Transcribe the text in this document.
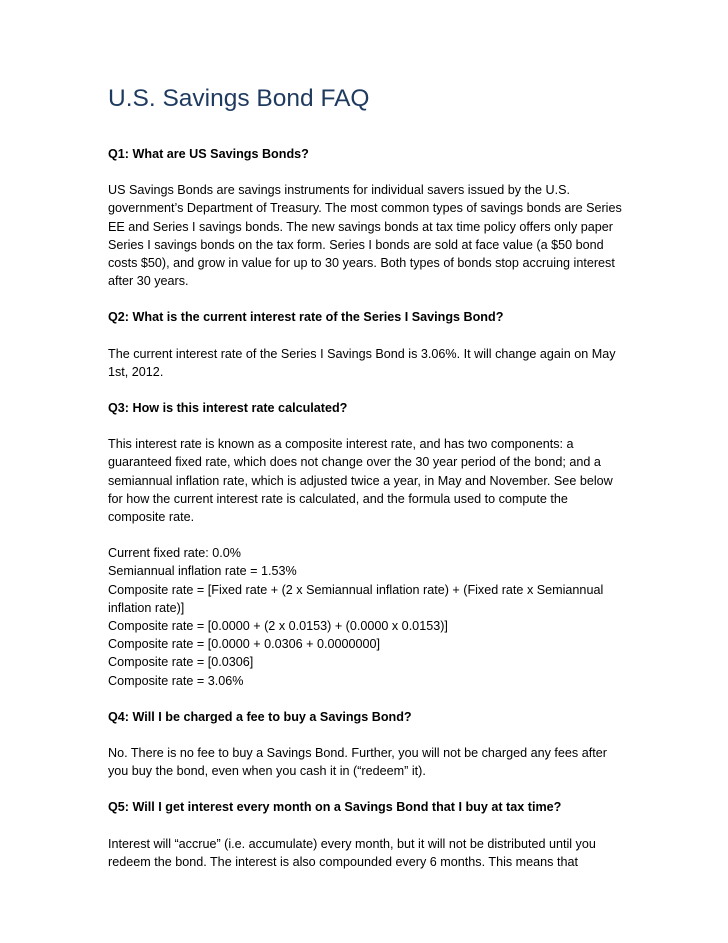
U.S. Savings Bond FAQ
Q1: What are US Savings Bonds?
US Savings Bonds are savings instruments for individual savers issued by the U.S. government’s Department of Treasury. The most common types of savings bonds are Series EE and Series I savings bonds. The new savings bonds at tax time policy offers only paper Series I savings bonds on the tax form. Series I bonds are sold at face value (a $50 bond costs $50), and grow in value for up to 30 years. Both types of bonds stop accruing interest after 30 years.
Q2: What is the current interest rate of the Series I Savings Bond?
The current interest rate of the Series I Savings Bond is 3.06%. It will change again on May 1st, 2012.
Q3: How is this interest rate calculated?
This interest rate is known as a composite interest rate, and has two components: a guaranteed fixed rate, which does not change over the 30 year period of the bond; and a semiannual inflation rate, which is adjusted twice a year, in May and November. See below for how the current interest rate is calculated, and the formula used to compute the composite rate.
Current fixed rate: 0.0%
Semiannual inflation rate = 1.53%
Composite rate = [Fixed rate + (2 x Semiannual inflation rate) + (Fixed rate x Semiannual inflation rate)]
Composite rate = [0.0000 + (2 x 0.0153) + (0.0000 x 0.0153)]
Composite rate = [0.0000 + 0.0306 + 0.0000000]
Composite rate = [0.0306]
Composite rate = 3.06%
Q4: Will I be charged a fee to buy a Savings Bond?
No. There is no fee to buy a Savings Bond. Further, you will not be charged any fees after you buy the bond, even when you cash it in (“redeem” it).
Q5: Will I get interest every month on a Savings Bond that I buy at tax time?
Interest will “accrue” (i.e. accumulate) every month, but it will not be distributed until you redeem the bond. The interest is also compounded every 6 months. This means that
